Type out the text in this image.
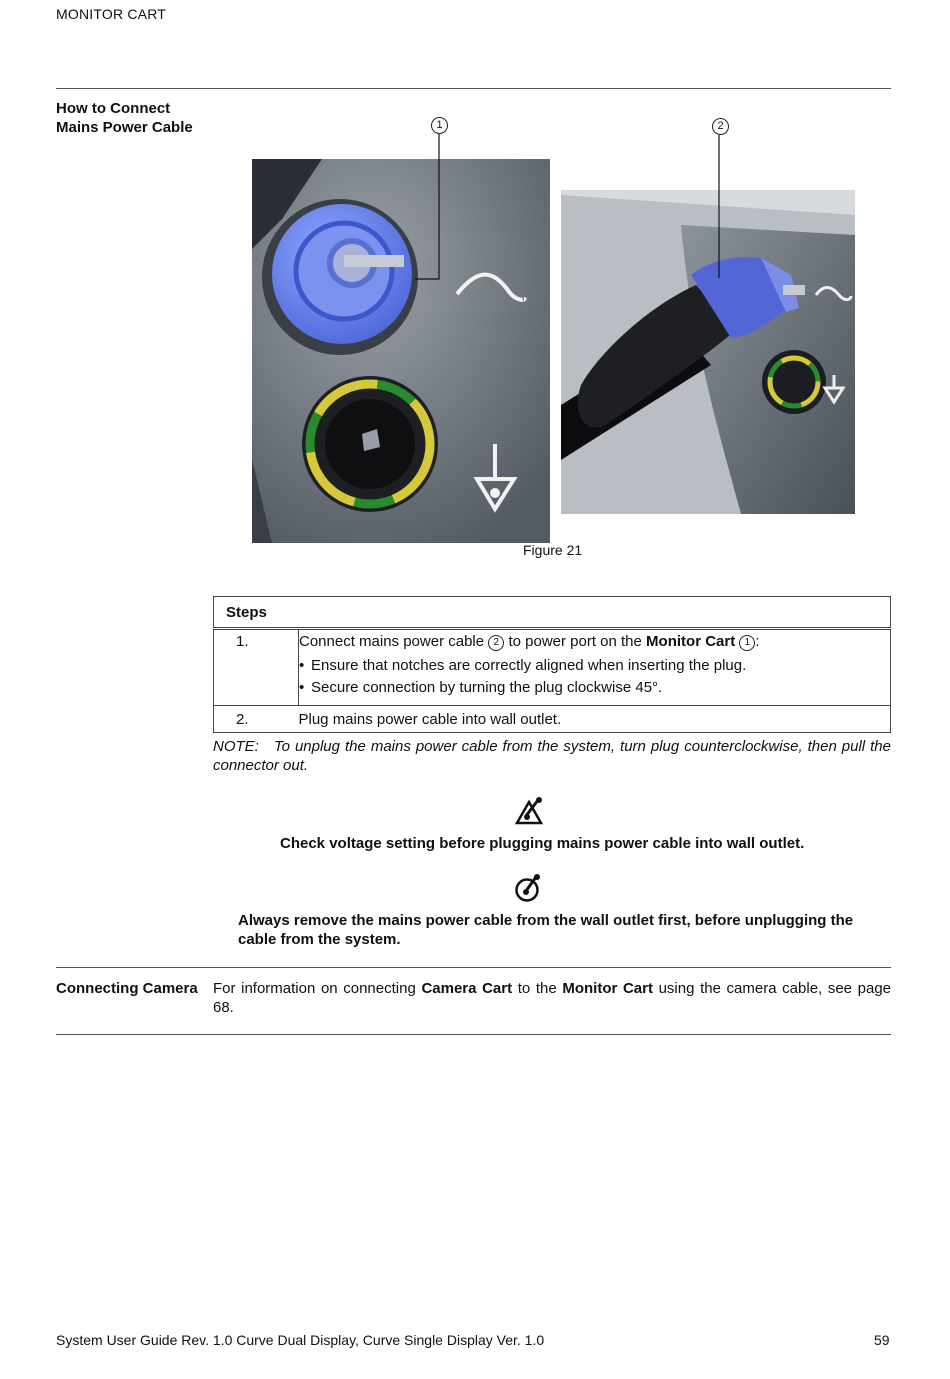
MONITOR CART
How to Connect
Mains Power Cable	1	2
Figure 21
Steps	
1.	Connect mains power cable 2 to power port on the Monitor Cart 1 :

	• Ensure that notches are correctly aligned when inserting the plug.
• Secure connection by turning the plug clockwise 45°.

2.	Plug mains power cable into wall outlet.
NOTE: To unplug the mains power cable from the system, turn plug counterclockwise, then pull the connector out.
Check voltage setting before plugging mains power cable into wall outlet.
Always remove the mains power cable from the wall outlet first, before unplugging the cable from the system.
Connecting Camera For information on connecting Camera Cart to the Monitor Cart using the camera cable, see page 68.
System User Guide Rev. 1.0 Curve Dual Display, Curve Single Display Ver. 1.0	59
